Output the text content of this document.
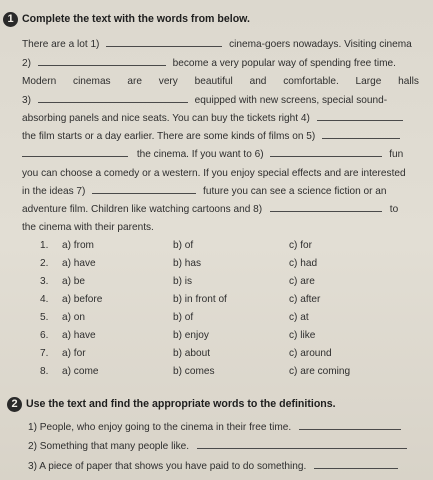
1 Complete the text with the words from below.
There are a lot 1)	cinema-goers nowadays. Visiting cinema
2)	become a very popular way of spending free time.
Modern cinemas are very beautiful and comfortable. Large halls
3)	equipped with new screens, special sound-
absorbing panels and nice seats. You can buy the tickets right 4)
the film starts or a day earlier. There are some kinds of films on 5)
the cinema. If you want to 6)	fun
you can choose a comedy or a western. If you enjoy special effects and are interested
in the ideas 7)	future you can see a science fiction or an
adventure film. Children like watching cartoons and 8)	to
the cinema with their parents.
1. a) from	b) of	c) for
2. a) have	b) has	c) had
3. a) be	b) is	c) are
4. a) before	b) in front of	c) after
5. a) on	b) of	c) at
6. a) have	b) enjoy	c) like
7. a) for	b) about	c) around
8. a) come	b) comes	c) are coming
2 Use the text and find the appropriate words to the definitions.
1) People, who enjoy going to the cinema in their free time.
2) Something that many people like.
3) A piece of paper that shows you have paid to do something.
